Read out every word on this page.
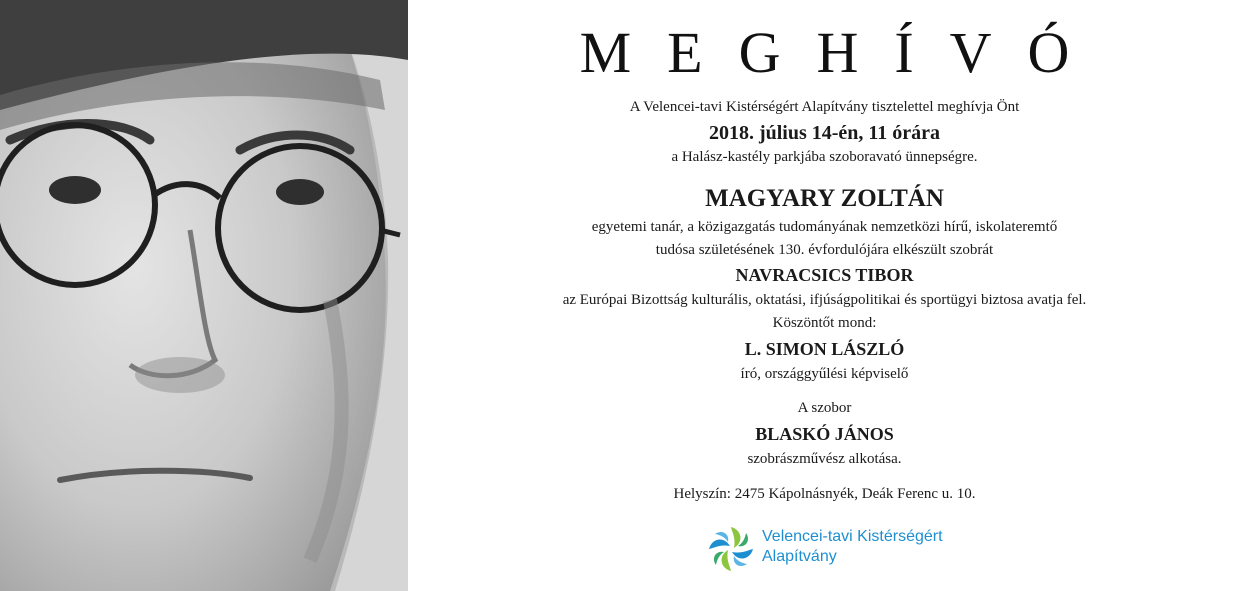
MEGHÍVÓ
A Velencei-tavi Kistérségért Alapítvány tisztelettel meghívja Önt
2018. július 14-én, 11 órára
a Halász-kastély parkjába szoboravató ünnepségre.
MAGYARY ZOLTÁN
egyetemi tanár, a közigazgatás tudományának nemzetközi hírű, iskolateremtő
tudósa születésének 130. évfordulójára elkészült szobrát
NAVRACSICS TIBOR
az Európai Bizottság kulturális, oktatási, ifjúságpolitikai és sportügyi biztosa avatja fel.
Köszöntőt mond:
L. SIMON LÁSZLÓ
író, országgyűlési képviselő
A szobor
BLASKÓ JÁNOS
szobrászművész alkotása.
Helyszín: 2475 Kápolnásnyék, Deák Ferenc u. 10.
Velencei-tavi Kistérségért
Alapítvány
